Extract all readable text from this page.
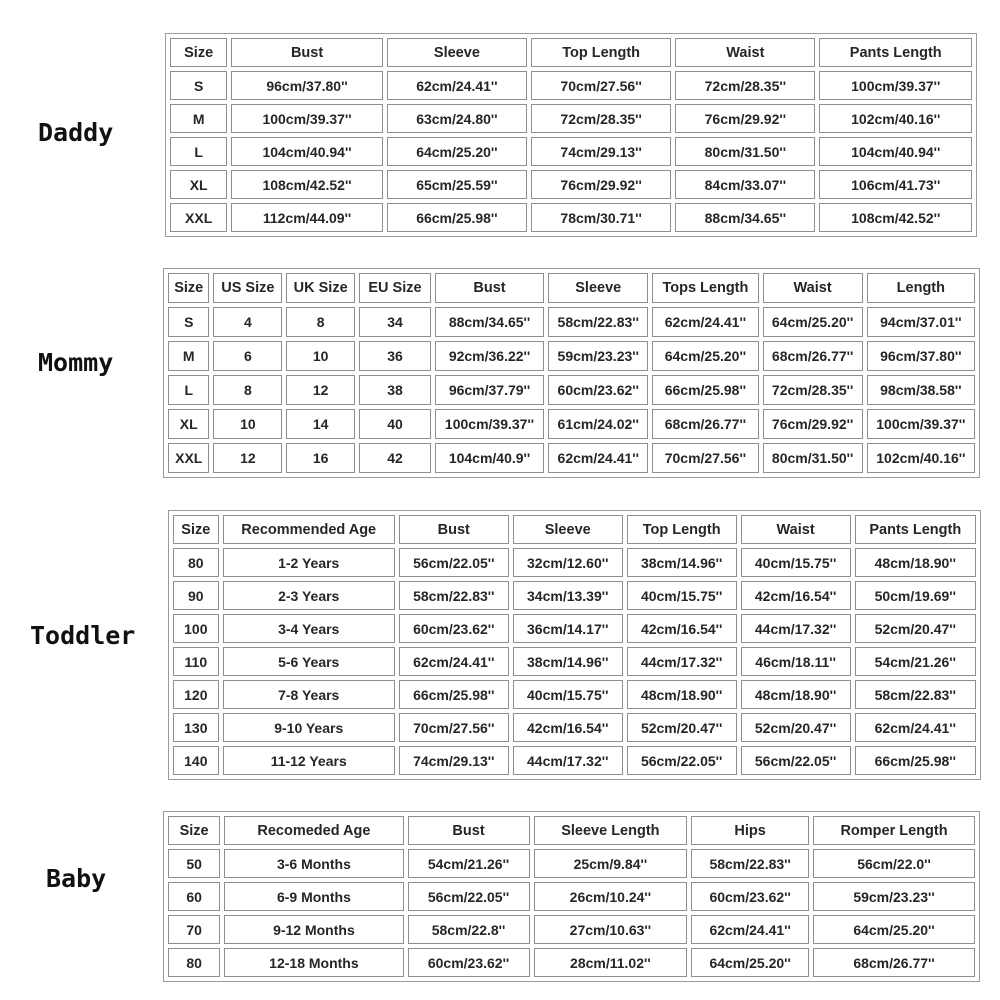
Daddy
Mommy
Toddler
Baby
Size	Bust	Sleeve	Top Length	Waist	Pants Length
S	96cm/37.80''	62cm/24.41''	70cm/27.56''	72cm/28.35''	100cm/39.37''
M	100cm/39.37''	63cm/24.80''	72cm/28.35''	76cm/29.92''	102cm/40.16''
L	104cm/40.94''	64cm/25.20''	74cm/29.13''	80cm/31.50''	104cm/40.94''
XL	108cm/42.52''	65cm/25.59''	76cm/29.92''	84cm/33.07''	106cm/41.73''
XXL	112cm/44.09''	66cm/25.98''	78cm/30.71''	88cm/34.65''	108cm/42.52''
Size	US Size	UK Size	EU Size	Bust	Sleeve	Tops Length	Waist	Length
S	4	8	34	88cm/34.65''	58cm/22.83''	62cm/24.41''	64cm/25.20''	94cm/37.01''
M	6	10	36	92cm/36.22''	59cm/23.23''	64cm/25.20''	68cm/26.77''	96cm/37.80''
L	8	12	38	96cm/37.79''	60cm/23.62''	66cm/25.98''	72cm/28.35''	98cm/38.58''
XL	10	14	40	100cm/39.37''	61cm/24.02''	68cm/26.77''	76cm/29.92''	100cm/39.37''
XXL	12	16	42	104cm/40.9''	62cm/24.41''	70cm/27.56''	80cm/31.50''	102cm/40.16''
Size	Recommended Age	Bust	Sleeve	Top Length	Waist	Pants Length
80	1-2 Years	56cm/22.05''	32cm/12.60''	38cm/14.96''	40cm/15.75''	48cm/18.90''
90	2-3 Years	58cm/22.83''	34cm/13.39''	40cm/15.75''	42cm/16.54''	50cm/19.69''
100	3-4 Years	60cm/23.62''	36cm/14.17''	42cm/16.54''	44cm/17.32''	52cm/20.47''
110	5-6 Years	62cm/24.41''	38cm/14.96''	44cm/17.32''	46cm/18.11''	54cm/21.26''
120	7-8 Years	66cm/25.98''	40cm/15.75''	48cm/18.90''	48cm/18.90''	58cm/22.83''
130	9-10 Years	70cm/27.56''	42cm/16.54''	52cm/20.47''	52cm/20.47''	62cm/24.41''
140	11-12 Years	74cm/29.13''	44cm/17.32''	56cm/22.05''	56cm/22.05''	66cm/25.98''
Size	Recomeded Age	Bust	Sleeve Length	Hips	Romper Length
50	3-6 Months	54cm/21.26''	25cm/9.84''	58cm/22.83''	56cm/22.0''
60	6-9 Months	56cm/22.05''	26cm/10.24''	60cm/23.62''	59cm/23.23''
70	9-12 Months	58cm/22.8''	27cm/10.63''	62cm/24.41''	64cm/25.20''
80	12-18 Months	60cm/23.62''	28cm/11.02''	64cm/25.20''	68cm/26.77''
